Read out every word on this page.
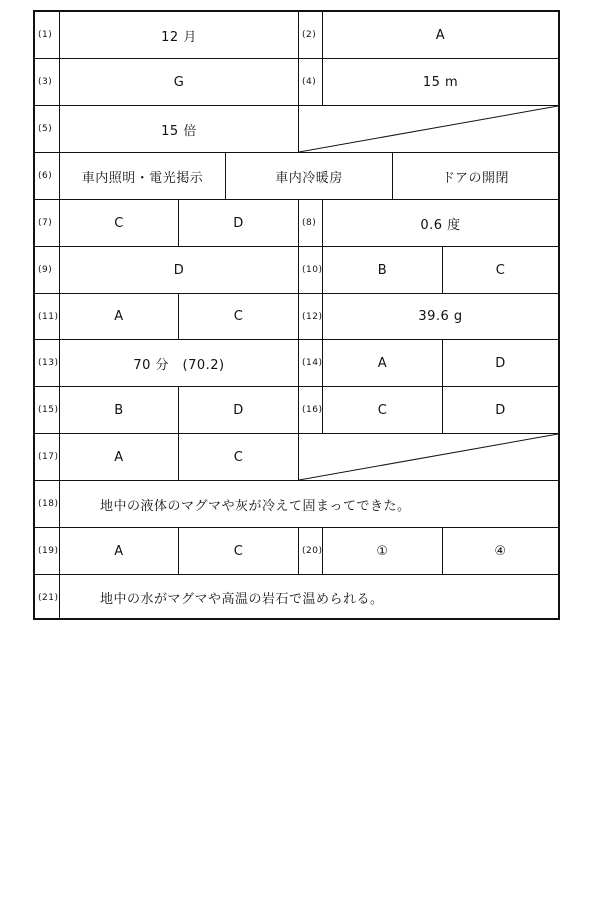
(1)	12 月	(2)	A
(3)	G	(4)	15 m
(5)	15 倍
(6)	車内照明・電光掲示	車内冷暖房	ドアの開閉
(7)	C	D	(8)	0.6 度
(9)	D	(10)	B	C
(11)	A	C	(12)	39.6 g
(13)	70 分　(70.2)	(14)	A	D
(15)	B	D	(16)	C	D
(17)	A	C
(18)	地中の液体のマグマや灰が冷えて固まってできた。
(19)	A	C	(20)	①	④
(21)	地中の水がマグマや高温の岩石で温められる。
